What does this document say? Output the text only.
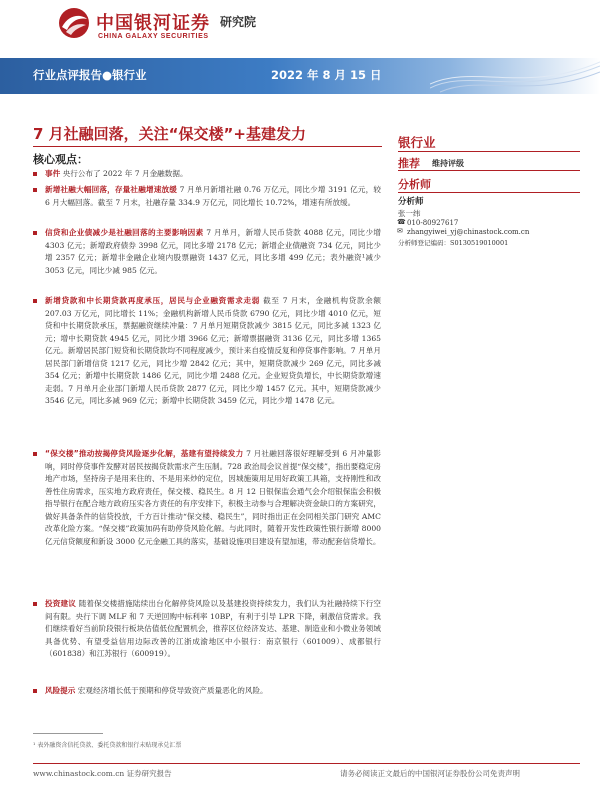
中国银河证券
CHINA GALAXY SECURITIES
研究院
行业点评报告●银行业	2022 年 8 月 15 日
7 月社融回落，关注“保交楼”+基建发力
核心观点：
银行业
推荐 维持评级
分析师
分析师
张一纬
☎ 010-80927617
✉ zhangyiwei_yj@chinastock.com.cn
分析师登记编码：S0130519010001
事件 央行公布了 2022 年 7 月金融数据。
新增社融大幅回落，存量社融增速放缓 7 月单月新增社融 0.76 万亿元，同比少增 3191 亿元，较 6 月大幅回落。截至 7 月末，社融存量 334.9 万亿元，同比增长 10.72%，增速有所放缓。
信贷和企业债减少是社融回落的主要影响因素 7 月单月，新增人民币贷款 4088 亿元，同比少增 4303 亿元；新增政府债券 3998 亿元，同比多增 2178 亿元；新增企业债融资 734 亿元，同比少增 2357 亿元；新增非金融企业境内股票融资 1437 亿元，同比多增 499 亿元；表外融资¹减少 3053 亿元，同比少减 985 亿元。
新增贷款和中长期贷款再度承压，居民与企业融资需求走弱 截至 7 月末，金融机构贷款余额 207.03 万亿元，同比增长 11%；金融机构新增人民币贷款 6790 亿元，同比少增 4010 亿元，短贷和中长期贷款承压，票据融资继续冲量：7 月单月短期贷款减少 3815 亿元，同比多减 1323 亿元；增中长期贷款 4945 亿元，同比少增 3966 亿元；新增票据融资 3136 亿元，同比多增 1365 亿元。新增居民部门短贷和长期贷款均不同程度减少，预计来自疫情反复和停贷事件影响。7 月单月居民部门新增信贷 1217 亿元，同比少增 2842 亿元；其中，短期贷款减少 269 亿元，同比多减 354 亿元；新增中长期贷款 1486 亿元，同比少增 2488 亿元。企业短贷负增长，中长期贷款增速走弱。7 月单月企业部门新增人民币贷款 2877 亿元，同比少增 1457 亿元。其中，短期贷款减少 3546 亿元，同比多减 969 亿元；新增中长期贷款 3459 亿元，同比少增 1478 亿元。
“保交楼”推动按揭停贷风险逐步化解，基建有望持续发力 7 月社融回落很好理解受到 6 月冲量影响，同时停贷事件发酵对居民按揭贷款需求产生压制。728 政治局会议首提“保交楼”，指出要稳定房地产市场，坚持房子是用来住的、不是用来炒的定位，因城施策用足用好政策工具箱，支持刚性和改善性住房需求，压实地方政府责任，保交楼、稳民生。8 月 12 日银保监会通气会介绍银保监会积极指导银行在配合地方政府压实各方责任的有序安排下，积极主动参与合理解决资金缺口的方案研究，做好具备条件的信贷投放，千方百计推动“保交楼、稳民生”，同时指出正在会同相关部门研究 AMC 改革化险方案。“保交楼”政策加码有助停贷风险化解。与此同时，随着开发性政策性银行新增 8000 亿元信贷额度和新设 3000 亿元金融工具的落实，基础设施项目建设有望加速，带动配套信贷增长。
投资建议 随着保交楼措施陆续出台化解停贷风险以及基建投资持续发力，我们认为社融持续下行空间有限。央行下调 MLF 和 7 天逆回购中标利率 10BP，有利于引导 LPR 下降，刺激信贷需求。我们继续看好当前阶段银行板块估值低位配置机会，推荐区位经济发达、基建、制造业和小微业务领域具备优势、有望受益信用边际改善的江浙成渝地区中小银行：南京银行（601009）、成都银行（601838）和江苏银行（600919）。
风险提示 宏观经济增长低于预期和停贷导致资产质量恶化的风险。
¹ 表外融资含信托贷款、委托贷款和银行未贴现承兑汇票
www.chinastock.com.cn 证券研究报告	请务必阅读正文最后的中国银河证券股份公司免责声明
